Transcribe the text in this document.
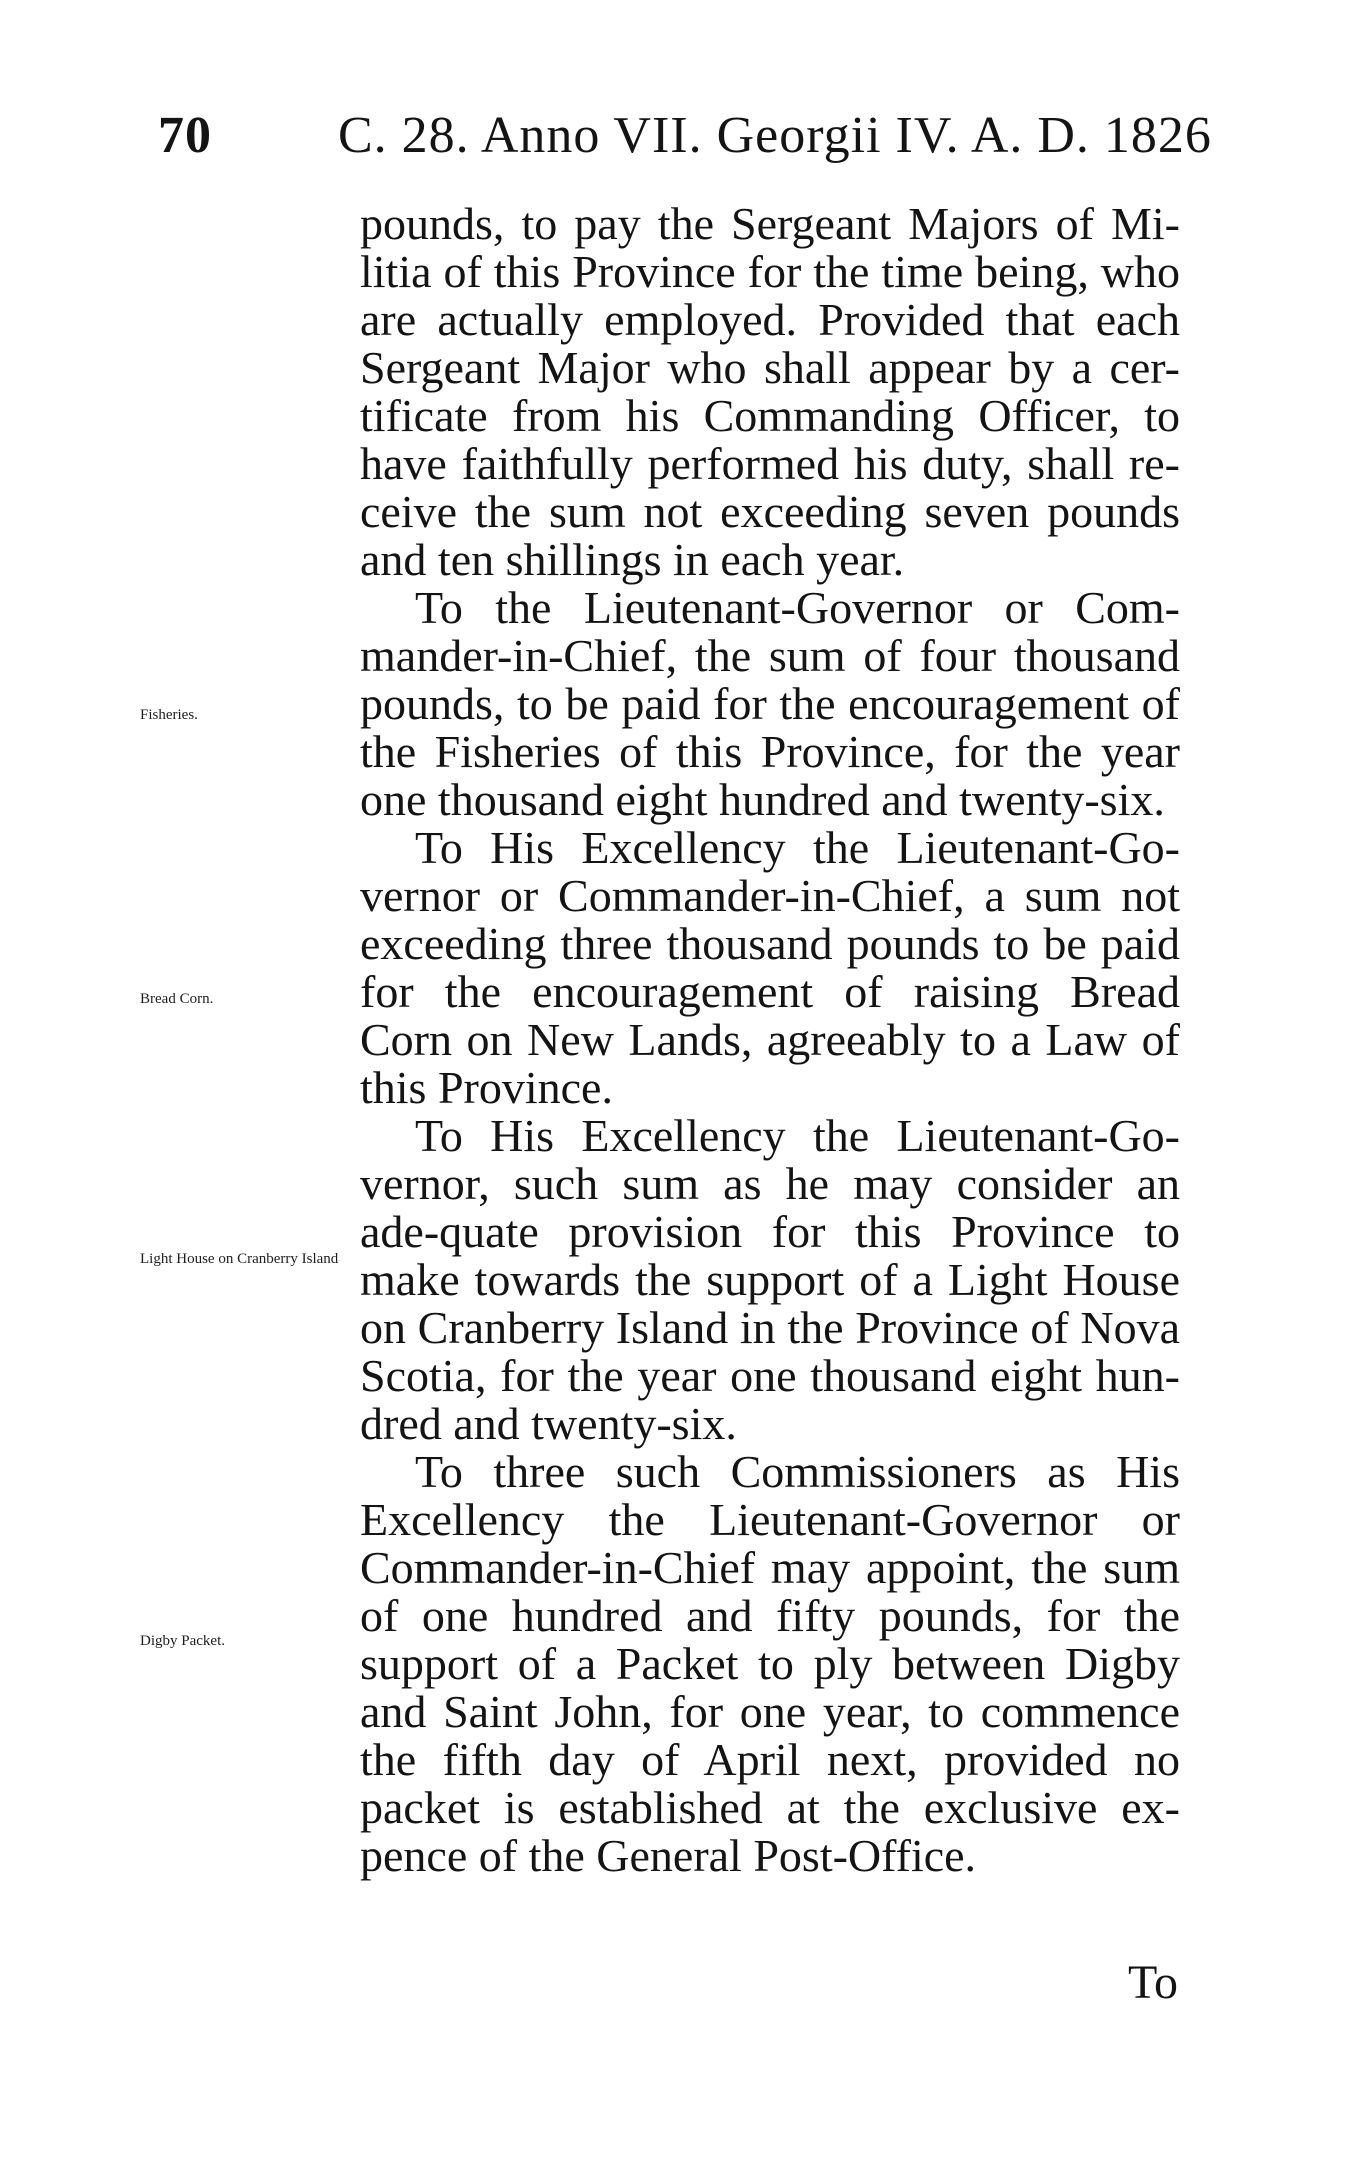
70 C. 28. Anno VII. Georgii IV. A. D. 1826

pounds, to pay the Sergeant Majors of Mi-litia of this Province for the time being, who are actually employed. Provided that each Sergeant Major who shall appear by a cer-tificate from his Commanding Officer, to have faithfully performed his duty, shall re-ceive the sum not exceeding seven pounds and ten shillings in each year.

To the Lieutenant-Governor or Com-mander-in-Chief, the sum of four thousand pounds, to be paid for the encouragement of the Fisheries of this Province, for the year one thousand eight hundred and twenty-six.

To His Excellency the Lieutenant-Go-vernor or Commander-in-Chief, a sum not exceeding three thousand pounds to be paid for the encouragement of raising Bread Corn on New Lands, agreeably to a Law of this Province.

To His Excellency the Lieutenant-Go-vernor, such sum as he may consider an ade-quate provision for this Province to make towards the support of a Light House on Cranberry Island in the Province of Nova Scotia, for the year one thousand eight hun-dred and twenty-six.

To three such Commissioners as His Excellency the Lieutenant-Governor or Commander-in-Chief may appoint, the sum of one hundred and fifty pounds, for the support of a Packet to ply between Digby and Saint John, for one year, to commence the fifth day of April next, provided no packet is established at the exclusive ex-pence of the General Post-Office.

Fisheries.
Bread Corn.
Light House on Cranberry Island
Digby Packet.
To
